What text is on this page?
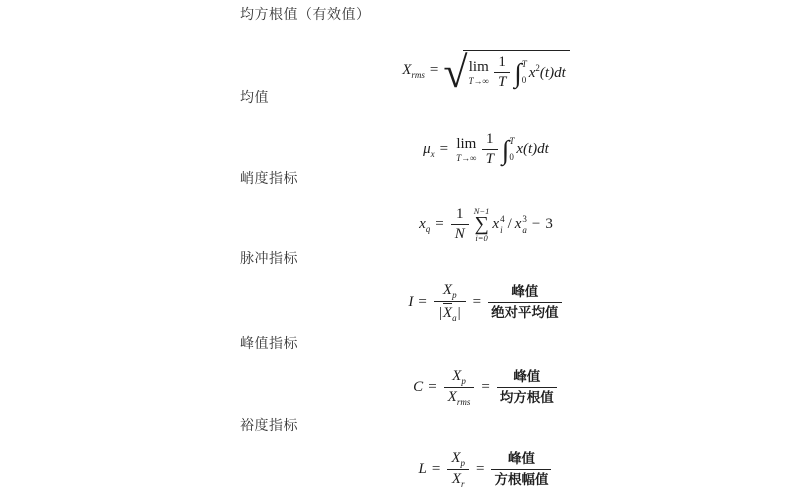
均方根值（有效值）
$X_{rms}$ = √ lim
$T\to\infty \frac{1}{T}$ ∫ T
0 $x^2(t)dt$
均值
$\mu_x = \lim$
$T\to\infty \frac{1}{T}$ ∫ T
0 x(t)dt
峭度指标
$x_q = \frac{1}{N} N-1$
∑
i=0
x 4
i / x 3
a − 3
脉冲指标
$I = \frac{X_p}{|X_a|}$ =
峰值
绝对平均值
峰值指标
$C = \frac{X_p}{X_{rms}}$ =
峰值
均方根值
裕度指标
$L = \frac{X_p}{X_r}$ =
峰值
方根幅值
